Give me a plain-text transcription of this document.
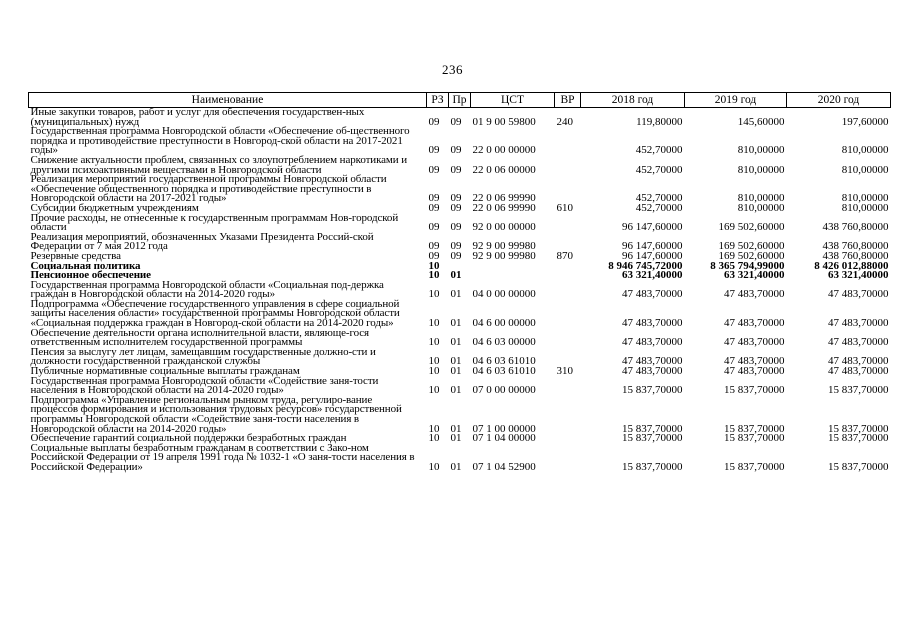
236
Наименование	РЗ	Пр	ЦСТ	ВР	2018 год	2019 год	2020 год
Иные закупки товаров, работ и услуг для обеспечения государствен-ных (муниципальных) нужд	09	09	01 9 00 59800	240	119,80000	145,60000	197,60000
Государственная программа Новгородской области «Обеспечение об-щественного порядка и противодействие преступности в Новгород-ской области на 2017-2021 годы»	09	09	22 0 00 00000		452,70000	810,00000	810,00000
Снижение актуальности проблем, связанных со злоупотреблением наркотиками и другими психоактивными веществами в Новгородской области	09	09	22 0 06 00000		452,70000	810,00000	810,00000
Реализация мероприятий государственной программы Новгородской области «Обеспечение общественного порядка и противодействие преступности в Новгородской области на 2017-2021 годы»	09	09	22 0 06 99990		452,70000	810,00000	810,00000
Субсидии бюджетным учреждениям	09	09	22 0 06 99990	610	452,70000	810,00000	810,00000
Прочие расходы, не отнесенные к государственным программам Нов-городской области	09	09	92 0 00 00000		96 147,60000	169 502,60000	438 760,80000
Реализация мероприятий, обозначенных Указами Президента Россий-ской Федерации от 7 мая 2012 года	09	09	92 9 00 99980		96 147,60000	169 502,60000	438 760,80000
Резервные средства	09	09	92 9 00 99980	870	96 147,60000	169 502,60000	438 760,80000
Социальная политика	10				8 946 745,72000	8 365 794,99000	8 426 012,88000
Пенсионное обеспечение	10	01			63 321,40000	63 321,40000	63 321,40000
Государственная программа Новгородской области «Социальная под-держка граждан в Новгородской области на 2014-2020 годы»	10	01	04 0 00 00000		47 483,70000	47 483,70000	47 483,70000
Подпрограмма «Обеспечение государственного управления в сфере социальной защиты населения области» государственной программы Новгородской области «Социальная поддержка граждан в Новгород-ской области на 2014-2020 годы»	10	01	04 6 00 00000		47 483,70000	47 483,70000	47 483,70000
Обеспечение деятельности органа исполнительной власти, являюще-гося ответственным исполнителем государственной программы	10	01	04 6 03 00000		47 483,70000	47 483,70000	47 483,70000
Пенсия за выслугу лет лицам, замещавшим государственные должно-сти и должности государственной гражданской службы	10	01	04 6 03 61010		47 483,70000	47 483,70000	47 483,70000
Публичные нормативные социальные выплаты гражданам	10	01	04 6 03 61010	310	47 483,70000	47 483,70000	47 483,70000
Государственная программа Новгородской области «Содействие заня-тости населения в Новгородской области на 2014-2020 годы»	10	01	07 0 00 00000		15 837,70000	15 837,70000	15 837,70000
Подпрограмма «Управление региональным рынком труда, регулиро-вание процессов формирования и использования трудовых ресурсов» государственной программы Новгородской области «Содействие заня-тости населения в Новгородской области на 2014-2020 годы»	10	01	07 1 00 00000		15 837,70000	15 837,70000	15 837,70000
Обеспечение гарантий социальной поддержки безработных граждан	10	01	07 1 04 00000		15 837,70000	15 837,70000	15 837,70000
Социальные выплаты безработным гражданам в соответствии с Зако-ном Российской Федерации от 19 апреля 1991 года № 1032-1 «О заня-тости населения в Российской Федерации»	10	01	07 1 04 52900		15 837,70000	15 837,70000	15 837,70000
